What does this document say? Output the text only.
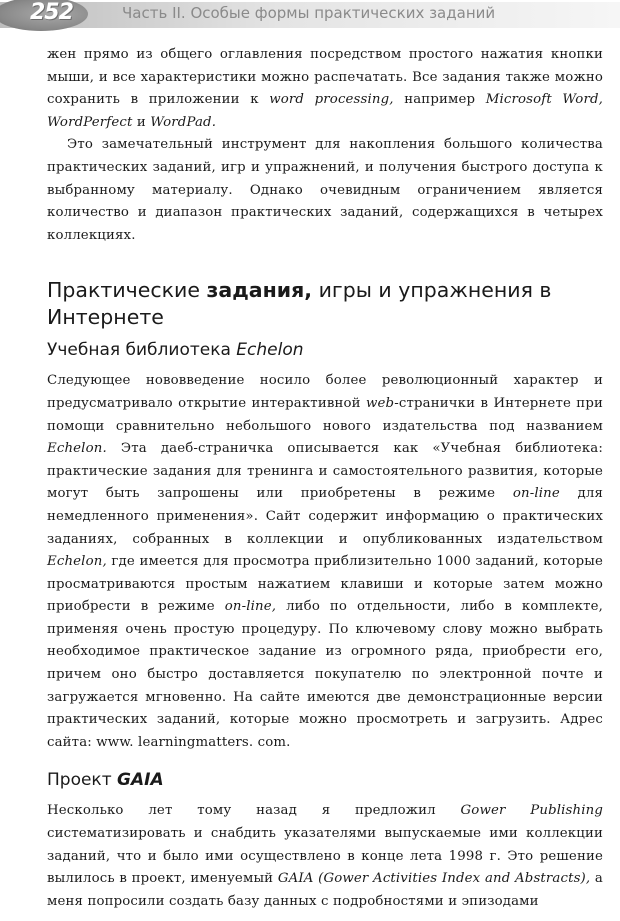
252	Часть II. Особые формы практических заданий

жен прямо из общего оглавления посредством простого нажатия кнопки мыши, и все характеристики можно распечатать. Все задания также можно сохранить в приложении к word processing, например Microsoft Word, WordPerfect и WordPad.

Это замечательный инструмент для накопления большого количества практических заданий, игр и упражнений, и получения быстрого доступа к выбранному материалу. Однако очевидным ограничением является количество и диапазон практических заданий, содержащихся в четырех коллекциях.

Практические задания, игры и упражнения в Интернете
Учебная библиотека Echelon

Следующее нововведение носило более революционный характер и предусматривало открытие интерактивной web-странички в Интернете при помощи сравнительно небольшого нового издательства под названием Echelon. Эта даеб-страничка описывается как «Учебная библиотека: практические задания для тренинга и самостоятельного развития, которые могут быть запрошены или приобретены в режиме on-line для немедленного применения». Сайт содержит информацию о практических заданиях, собранных в коллекции и опубликованных издательством Echelon, где имеется для просмотра приблизительно 1000 заданий, которые просматриваются простым нажатием клавиши и которые затем можно приобрести в режиме on-line, либо по отдельности, либо в комплекте, применяя очень простую процедуру. По ключевому слову можно выбрать необходимое практическое задание из огромного ряда, приобрести его, причем оно быстро доставляется покупателю по электронной почте и загружается мгновенно. На сайте имеются две демонстрационные версии практических заданий, которые можно просмотреть и загрузить. Адрес сайта: www. learningmatters. com.

Проект GAIA

Несколько лет тому назад я предложил Gower Publishing систематизировать и снабдить указателями выпускаемые ими коллекции заданий, что и было ими осуществлено в конце лета 1998 г. Это решение вылилось в проект, именуемый GAIA (Gower Activities Index and Abstracts), а меня попросили создать базу данных с подробностями и эпизодами
